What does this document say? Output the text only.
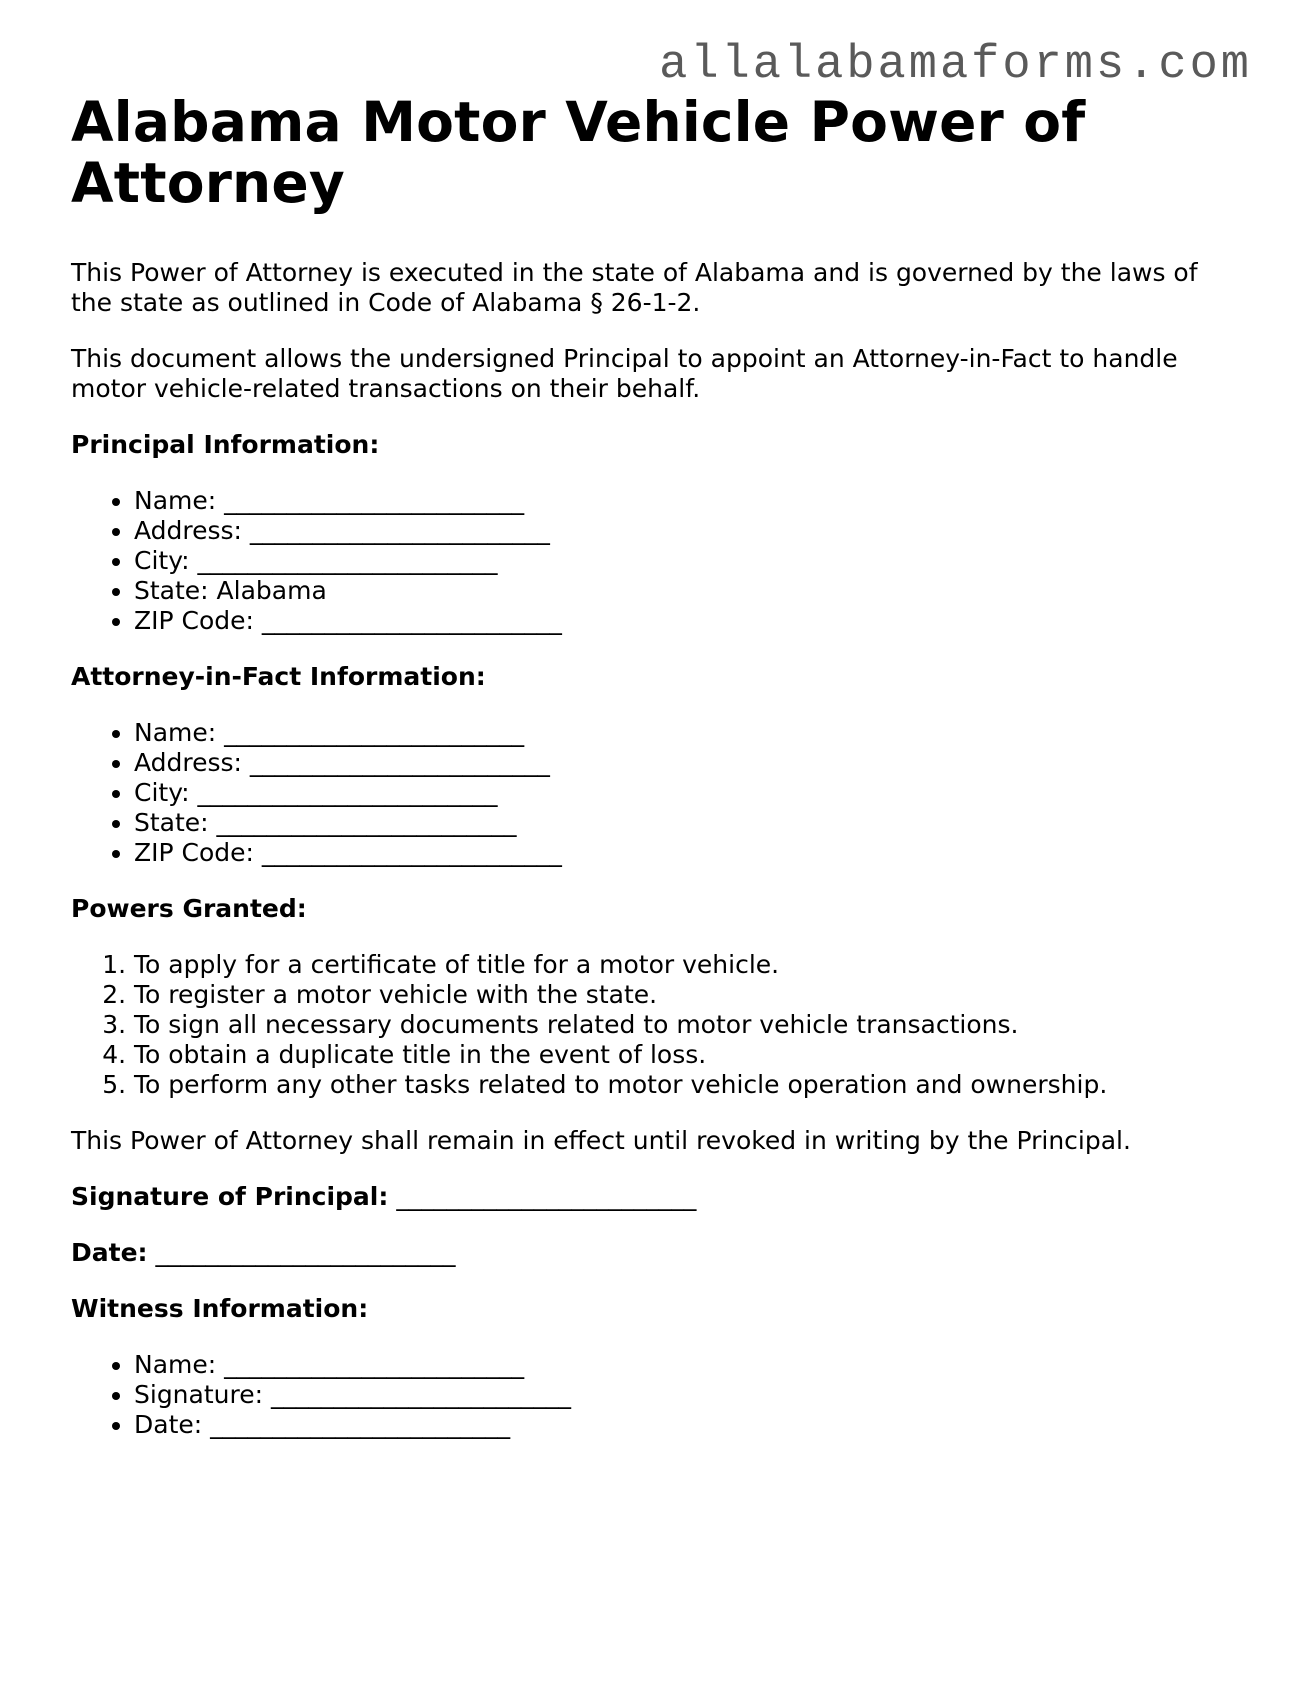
allalabamaforms.com
Alabama Motor Vehicle Power of Attorney

This Power of Attorney is executed in the state of Alabama and is governed by the laws of the state as outlined in Code of Alabama § 26-1-2.

This document allows the undersigned Principal to appoint an Attorney-in-Fact to handle motor vehicle-related transactions on their behalf.

Principal Information:
• Name: ________________________
• Address: ________________________
• City: ________________________
• State: Alabama
• ZIP Code: ________________________
Attorney-in-Fact Information:
• Name: ________________________
• Address: ________________________
• City: ________________________
• State: ________________________
• ZIP Code: ________________________
Powers Granted:
1. To apply for a certificate of title for a motor vehicle.
2. To register a motor vehicle with the state.
3. To sign all necessary documents related to motor vehicle transactions.
4. To obtain a duplicate title in the event of loss.
5. To perform any other tasks related to motor vehicle operation and ownership.

This Power of Attorney shall remain in effect until revoked in writing by the Principal.

Signature of Principal: ________________________
Date: ________________________
Witness Information:
• Name: ________________________
• Signature: ________________________
• Date: ________________________
